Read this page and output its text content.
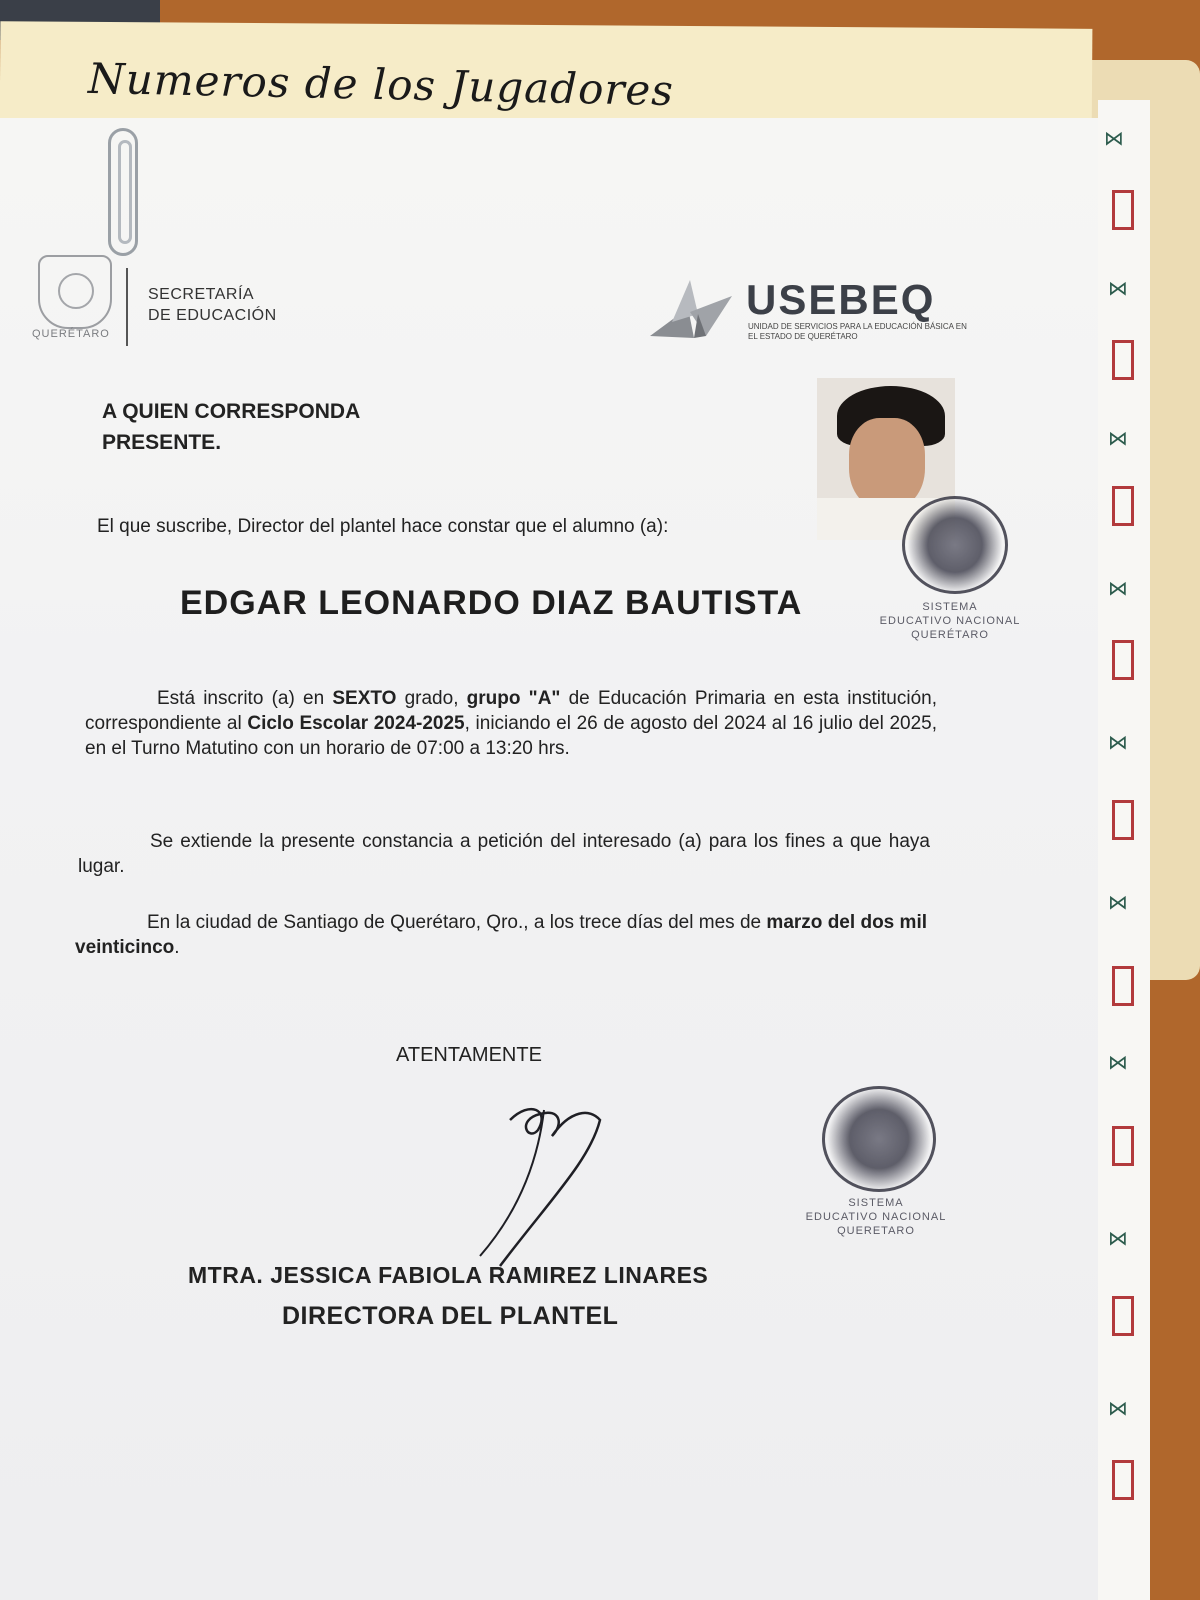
Numeros de los Jugadores
⋈
⋈
⋈
⋈
⋈
⋈
⋈
⋈
⋈
QUERÉTARO
SECRETARÍA
DE EDUCACIÓN	USEBEQ
UNIDAD DE SERVICIOS PARA LA EDUCACIÓN BÁSICA EN EL ESTADO DE QUERÉTARO
SISTEMA
EDUCATIVO NACIONAL
QUERÉTARO
A QUIEN CORRESPONDA
PRESENTE.
El que suscribe, Director del plantel hace constar que el alumno (a):
EDGAR LEONARDO DIAZ BAUTISTA
Está inscrito (a) en SEXTO grado, grupo "A" de Educación Primaria en esta institución, correspondiente al Ciclo Escolar 2024-2025, iniciando el 26 de agosto del 2024 al 16 julio del 2025, en el Turno Matutino con un horario de 07:00 a 13:20 hrs.
Se extiende la presente constancia a petición del interesado (a) para los fines a que haya lugar.
En la ciudad de Santiago de Querétaro, Qro., a los trece días del mes de marzo del dos mil veinticinco.
ATENTAMENTE
SISTEMA
EDUCATIVO NACIONAL
QUERETARO
MTRA. JESSICA FABIOLA RAMIREZ LINARES
DIRECTORA DEL PLANTEL
